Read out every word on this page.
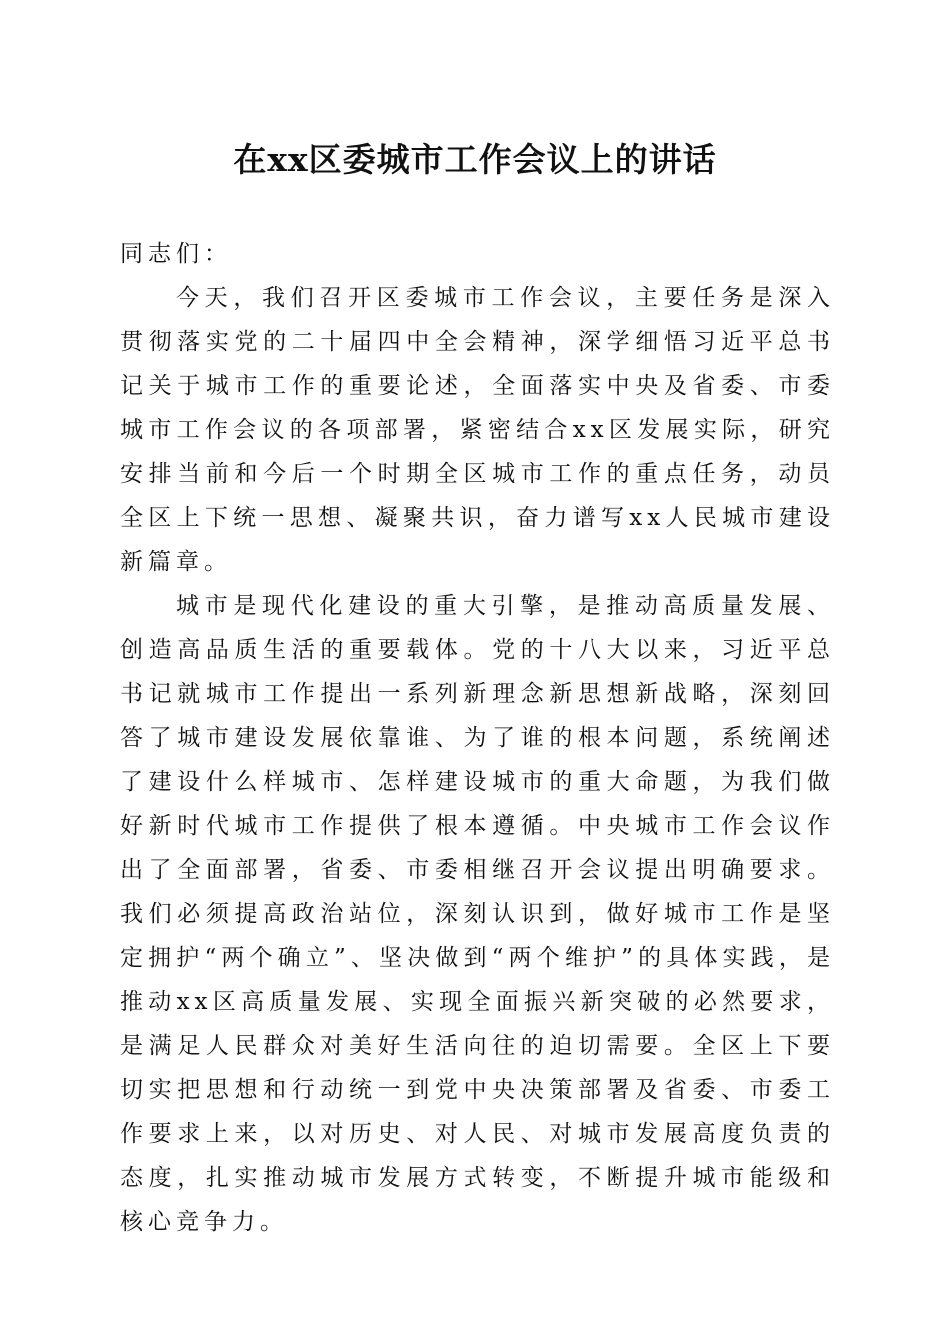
在xx区委城市工作会议上的讲话

同志们：

今天，我们召开区委城市工作会议，主要任务是深入贯彻落实党的二十届四中全会精神，深学细悟习近平总书记关于城市工作的重要论述，全面落实中央及省委、市委城市工作会议的各项部署，紧密结合xx区发展实际，研究安排当前和今后一个时期全区城市工作的重点任务，动员全区上下统一思想、凝聚共识，奋力谱写xx人民城市建设新篇章。

城市是现代化建设的重大引擎，是推动高质量发展、创造高品质生活的重要载体。党的十八大以来，习近平总书记就城市工作提出一系列新理念新思想新战略，深刻回答了城市建设发展依靠谁、为了谁的根本问题，系统阐述了建设什么样城市、怎样建设城市的重大命题，为我们做好新时代城市工作提供了根本遵循。中央城市工作会议作出了全面部署，省委、市委相继召开会议提出明确要求。我们必须提高政治站位，深刻认识到，做好城市工作是坚定拥护“两个确立”、坚决做到“两个维护”的具体实践，是推动xx区高质量发展、实现全面振兴新突破的必然要求，是满足人民群众对美好生活向往的迫切需要。全区上下要切实把思想和行动统一到党中央决策部署及省委、市委工作要求上来，以对历史、对人民、对城市发展高度负责的态度，扎实推动城市发展方式转变，不断提升城市能级和核心竞争力。
